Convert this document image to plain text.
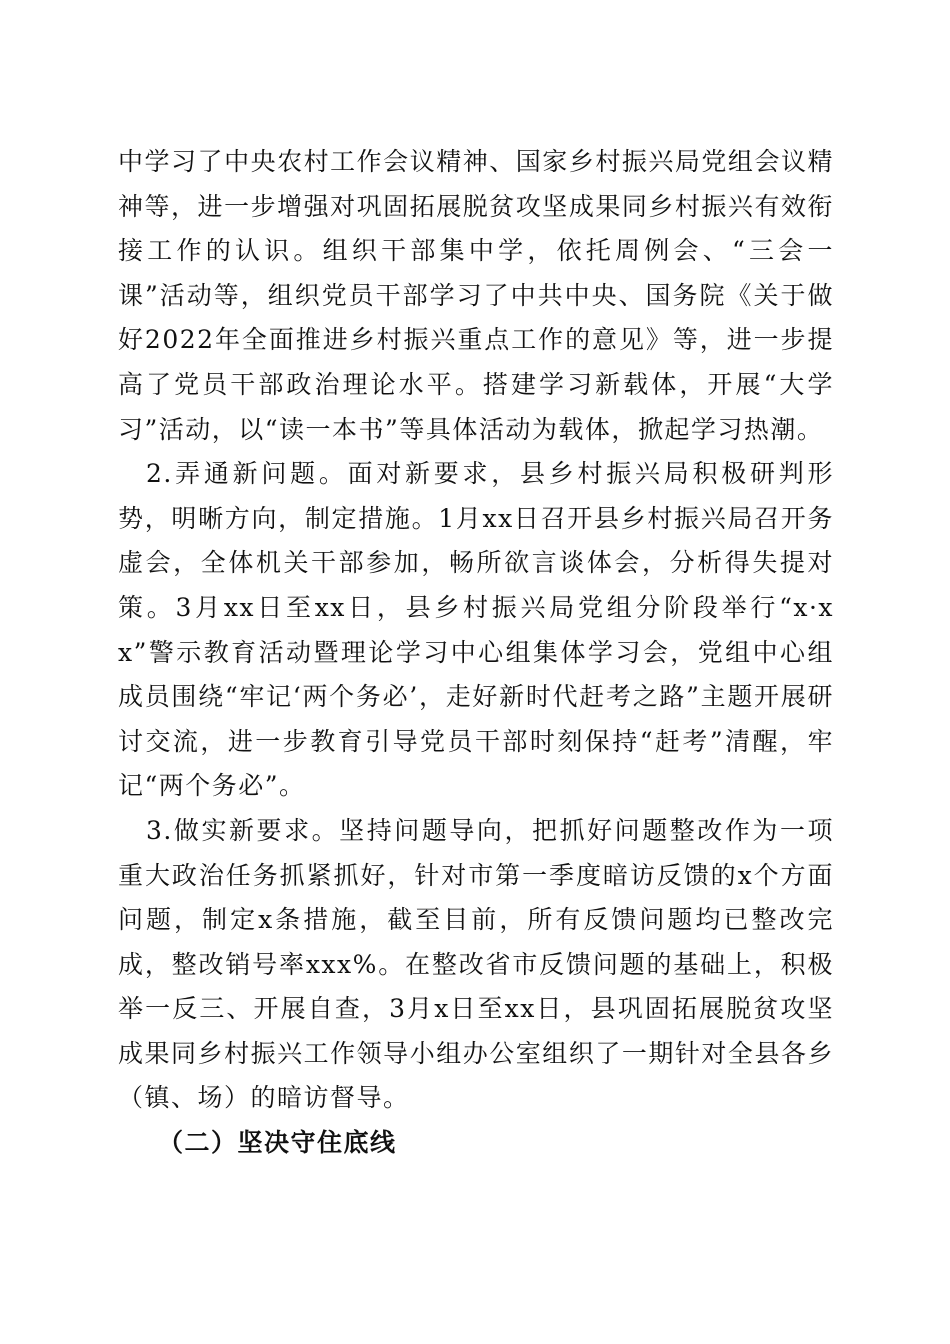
中学习了中央农村工作会议精神、国家乡村振兴局党组会议精神等，进一步增强对巩固拓展脱贫攻坚成果同乡村振兴有效衔接工作的认识。组织干部集中学，依托周例会、“三会一课”活动等，组织党员干部学习了中共中央、国务院《关于做好2022年全面推进乡村振兴重点工作的意见》等，进一步提高了党员干部政治理论水平。搭建学习新载体，开展“大学习”活动，以“读一本书”等具体活动为载体，掀起学习热潮。

2.弄通新问题。面对新要求，县乡村振兴局积极研判形势，明晰方向，制定措施。1月xx日召开县乡村振兴局召开务虚会，全体机关干部参加，畅所欲言谈体会，分析得失提对策。3月xx日至xx日，县乡村振兴局党组分阶段举行“x·xx”警示教育活动暨理论学习中心组集体学习会，党组中心组成员围绕“牢记‘两个务必’，走好新时代赶考之路”主题开展研讨交流，进一步教育引导党员干部时刻保持“赶考”清醒，牢记“两个务必”。

3.做实新要求。坚持问题导向，把抓好问题整改作为一项重大政治任务抓紧抓好，针对市第一季度暗访反馈的x个方面问题，制定x条措施，截至目前，所有反馈问题均已整改完成，整改销号率xxx%。在整改省市反馈问题的基础上，积极举一反三、开展自查，3月x日至xx日，县巩固拓展脱贫攻坚成果同乡村振兴工作领导小组办公室组织了一期针对全县各乡（镇、场）的暗访督导。

（二）坚决守住底线
